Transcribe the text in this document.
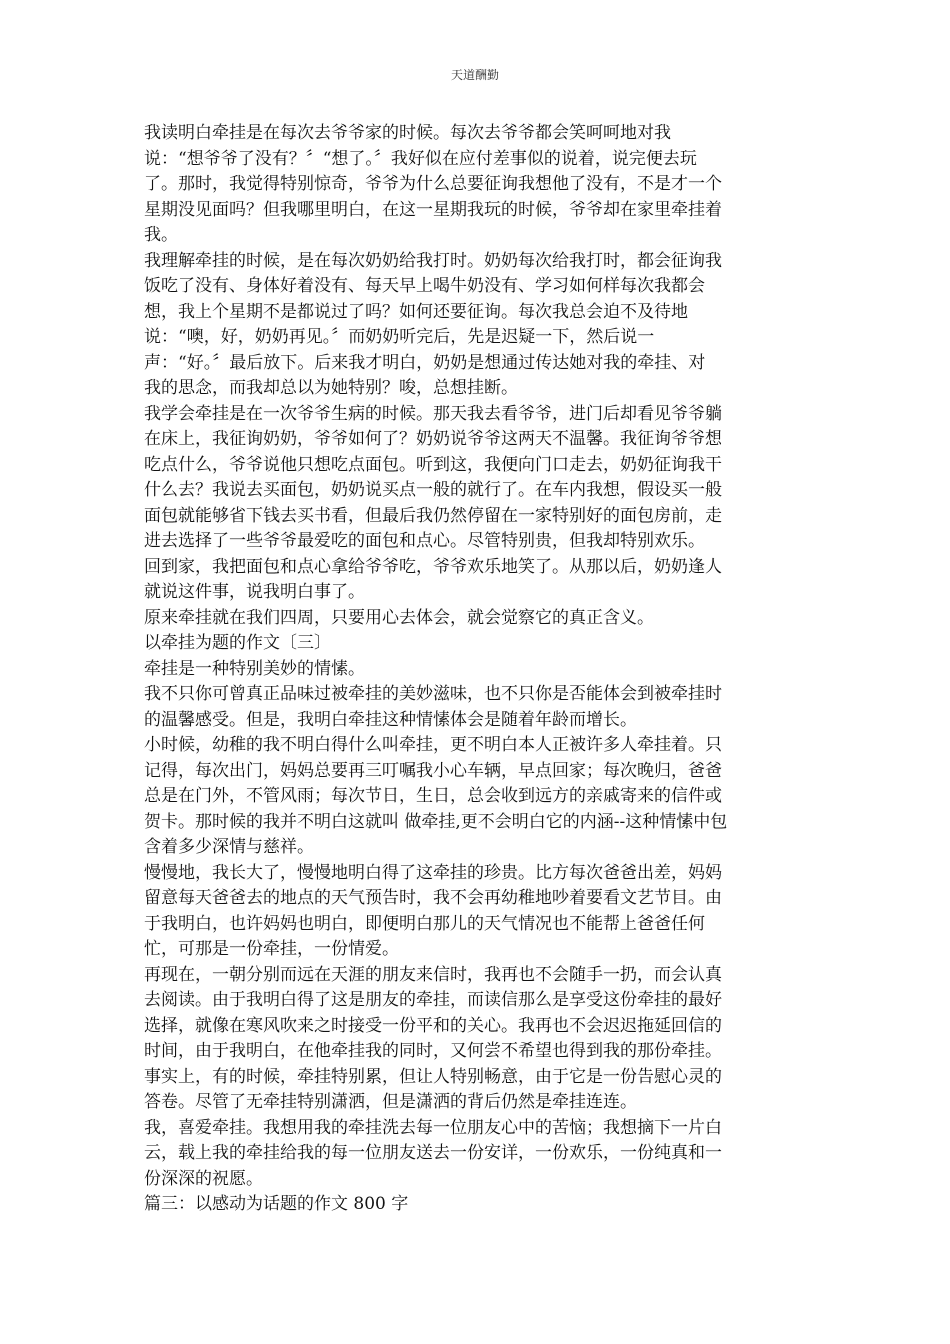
天道酬勤
我读明白牵挂是在每次去爷爷家的时候。每次去爷爷都会笑呵呵地对我
说：“想爷爷了没有？〞“想了。〞我好似在应付差事似的说着，说完便去玩
了。那时，我觉得特别惊奇，爷爷为什么总要征询我想他了没有，不是才一个
星期没见面吗？但我哪里明白，在这一星期我玩的时候，爷爷却在家里牵挂着
我。
我理解牵挂的时候，是在每次奶奶给我打时。奶奶每次给我打时，都会征询我
饭吃了没有、身体好着没有、每天早上喝牛奶没有、学习如何样每次我都会
想，我上个星期不是都说过了吗？如何还要征询。每次我总会迫不及待地
说：“噢，好，奶奶再见。〞而奶奶听完后，先是迟疑一下，然后说一
声：“好。〞最后放下。后来我才明白，奶奶是想通过传达她对我的牵挂、对
我的思念，而我却总以为她特别？唆，总想挂断。
我学会牵挂是在一次爷爷生病的时候。那天我去看爷爷，进门后却看见爷爷躺
在床上，我征询奶奶，爷爷如何了？奶奶说爷爷这两天不温馨。我征询爷爷想
吃点什么，爷爷说他只想吃点面包。听到这，我便向门口走去，奶奶征询我干
什么去？我说去买面包，奶奶说买点一般的就行了。在车内我想，假设买一般
面包就能够省下钱去买书看，但最后我仍然停留在一家特别好的面包房前，走
进去选择了一些爷爷最爱吃的面包和点心。尽管特别贵，但我却特别欢乐。
回到家，我把面包和点心拿给爷爷吃，爷爷欢乐地笑了。从那以后，奶奶逢人
就说这件事，说我明白事了。
原来牵挂就在我们四周，只要用心去体会，就会觉察它的真正含义。
以牵挂为题的作文〔三〕
牵挂是一种特别美妙的情愫。
我不只你可曾真正品味过被牵挂的美妙滋味，也不只你是否能体会到被牵挂时
的温馨感受。但是，我明白牵挂这种情愫体会是随着年龄而增长。
小时候，幼稚的我不明白得什么叫牵挂，更不明白本人正被许多人牵挂着。只
记得，每次出门，妈妈总要再三叮嘱我小心车辆，早点回家；每次晚归，爸爸
总是在门外，不管风雨；每次节日，生日，总会收到远方的亲戚寄来的信件或
贺卡。那时候的我并不明白这就叫 做牵挂,更不会明白它的内涵--这种情愫中包
含着多少深情与慈祥。
慢慢地，我长大了，慢慢地明白得了这牵挂的珍贵。比方每次爸爸出差，妈妈
留意每天爸爸去的地点的天气预告时，我不会再幼稚地吵着要看文艺节目。由
于我明白，也许妈妈也明白，即便明白那儿的天气情况也不能帮上爸爸任何
忙，可那是一份牵挂，一份情爱。
再现在，一朝分别而远在天涯的朋友来信时，我再也不会随手一扔，而会认真
去阅读。由于我明白得了这是朋友的牵挂，而读信那么是享受这份牵挂的最好
选择，就像在寒风吹来之时接受一份平和的关心。我再也不会迟迟拖延回信的
时间，由于我明白，在他牵挂我的同时，又何尝不希望也得到我的那份牵挂。
事实上，有的时候，牵挂特别累，但让人特别畅意，由于它是一份告慰心灵的
答卷。尽管了无牵挂特别潇洒，但是潇洒的背后仍然是牵挂连连。
我，喜爱牵挂。我想用我的牵挂洗去每一位朋友心中的苦恼；我想摘下一片白
云，载上我的牵挂给我的每一位朋友送去一份安详，一份欢乐，一份纯真和一
份深深的祝愿。
篇三：以感动为话题的作文 800 字
